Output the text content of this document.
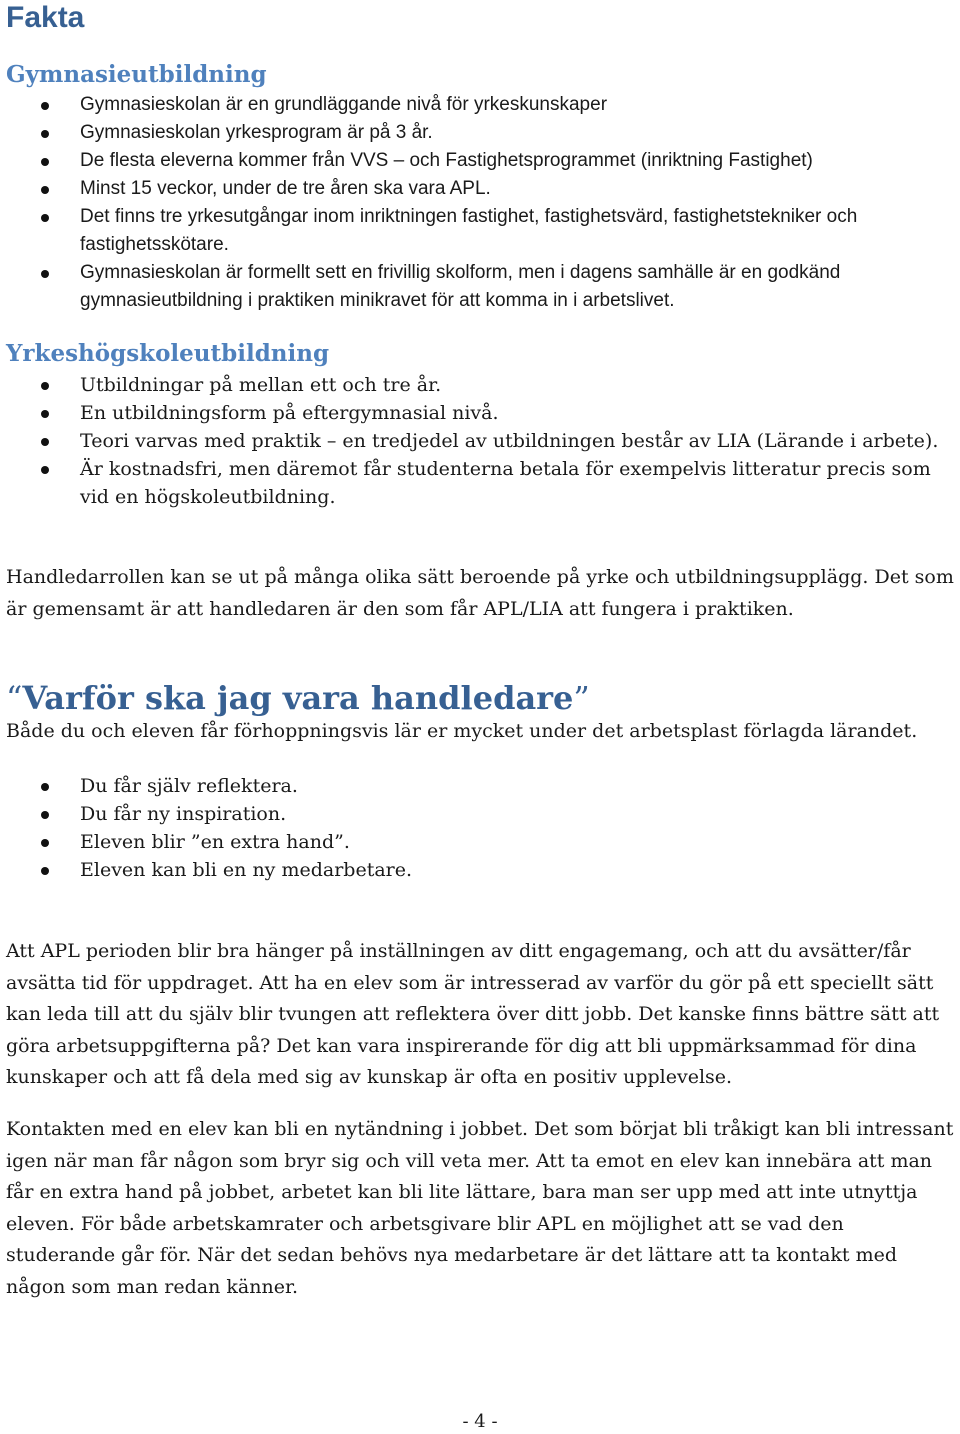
Fakta
Gymnasieutbildning
Gymnasieskolan är en grundläggande nivå för yrkeskunskaper
Gymnasieskolan yrkesprogram är på 3 år.
De flesta eleverna kommer från VVS – och Fastighetsprogrammet (inriktning Fastighet)
Minst 15 veckor, under de tre åren ska vara APL.
Det finns tre yrkesutgångar inom inriktningen fastighet, fastighetsvärd, fastighetstekniker och fastighetsskötare.
Gymnasieskolan är formellt sett en frivillig skolform, men i dagens samhälle är en godkänd gymnasieutbildning i praktiken minikravet för att komma in i arbetslivet.
Yrkeshögskoleutbildning
Utbildningar på mellan ett och tre år.
En utbildningsform på eftergymnasial nivå.
Teori varvas med praktik – en tredjedel av utbildningen består av LIA (Lärande i arbete).
Är kostnadsfri, men däremot får studenterna betala för exempelvis litteratur precis som vid en högskoleutbildning.

Handledarrollen kan se ut på många olika sätt beroende på yrke och utbildningsupplägg. Det som är gemensamt är att handledaren är den som får APL/LIA att fungera i praktiken.

“Varför ska jag vara handledare”

Både du och eleven får förhoppningsvis lär er mycket under det arbetsplast förlagda lärandet.

Du får själv reflektera.
Du får ny inspiration.
Eleven blir ”en extra hand”.
Eleven kan bli en ny medarbetare.

Att APL perioden blir bra hänger på inställningen av ditt engagemang, och att du avsätter/får avsätta tid för uppdraget. Att ha en elev som är intresserad av varför du gör på ett speciellt sätt kan leda till att du själv blir tvungen att reflektera över ditt jobb. Det kanske finns bättre sätt att göra arbetsuppgifterna på? Det kan vara inspirerande för dig att bli uppmärksammad för dina kunskaper och att få dela med sig av kunskap är ofta en positiv upplevelse.

Kontakten med en elev kan bli en nytändning i jobbet. Det som börjat bli tråkigt kan bli intressant igen när man får någon som bryr sig och vill veta mer. Att ta emot en elev kan innebära att man får en extra hand på jobbet, arbetet kan bli lite lättare, bara man ser upp med att inte utnyttja eleven. För både arbetskamrater och arbetsgivare blir APL en möjlighet att se vad den studerande går för. När det sedan behövs nya medarbetare är det lättare att ta kontakt med någon som man redan känner.

- 4 -
